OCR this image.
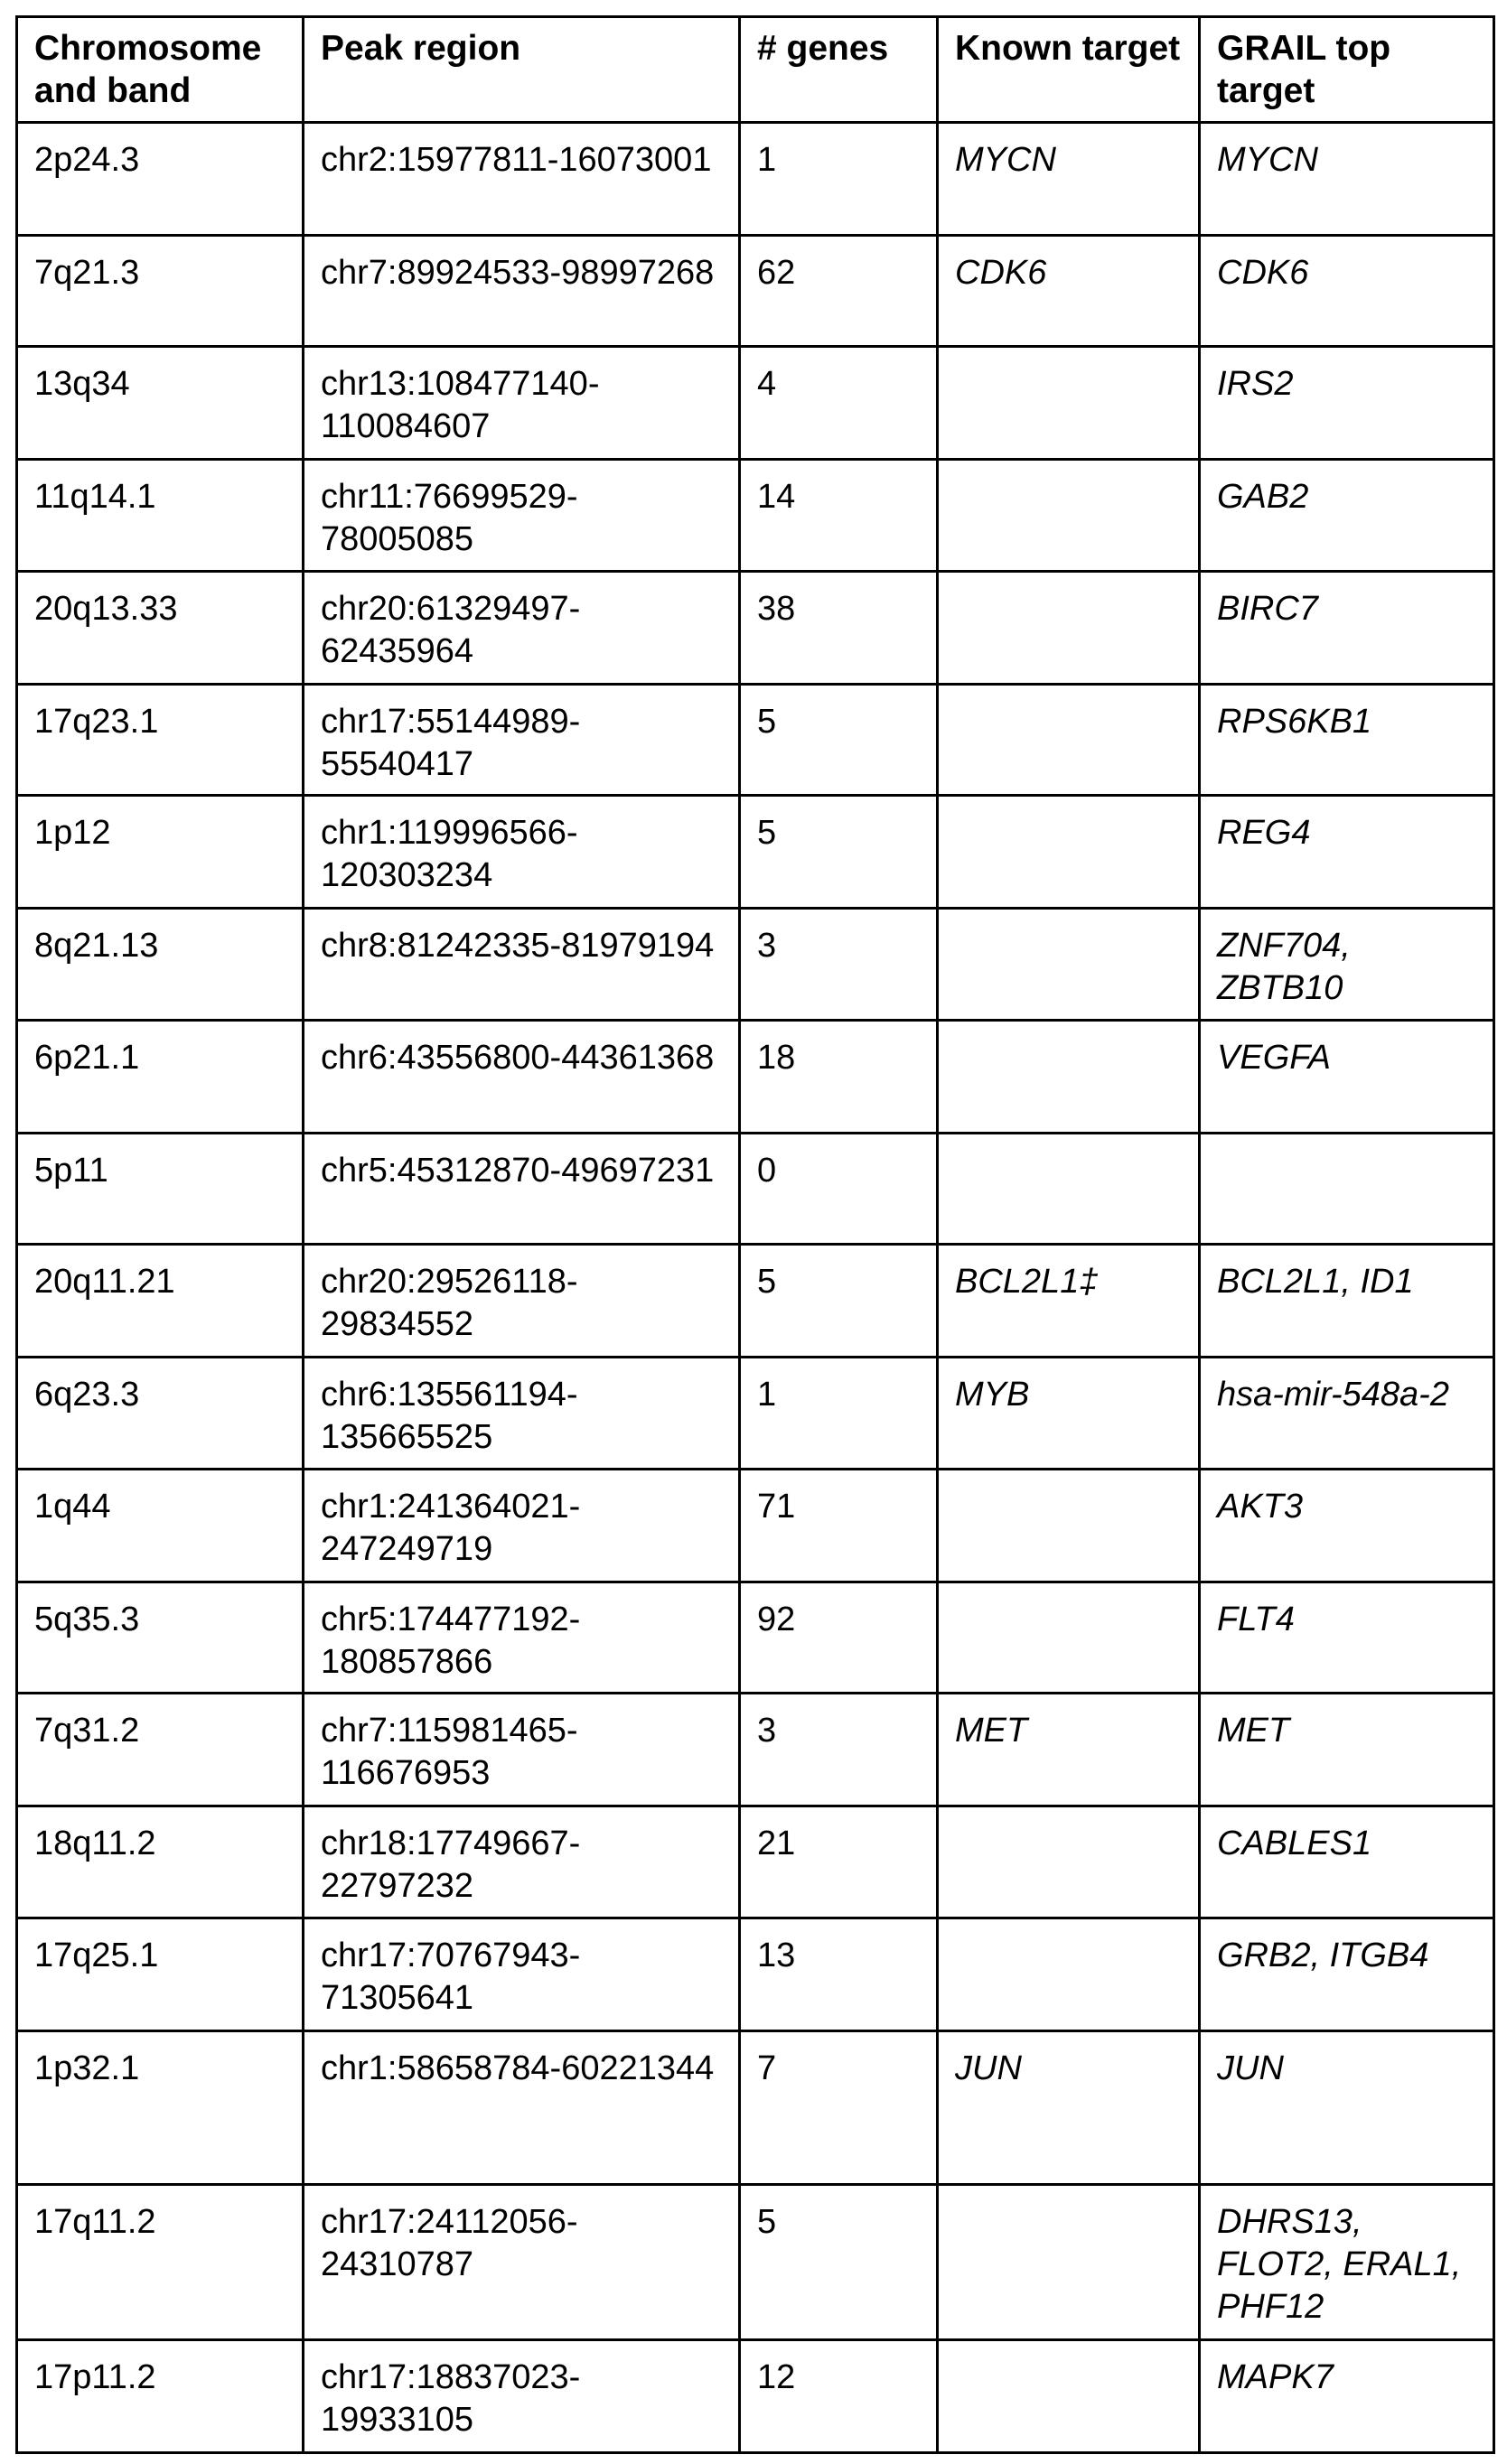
Chromosome and band	Peak region	# genes	Known target	GRAIL top target
2p24.3	chr2:15977811-16073001	1	MYCN	MYCN
7q21.3	chr7:89924533-98997268	62	CDK6	CDK6
13q34	chr13:108477140-110084607	4		IRS2
11q14.1	chr11:76699529-78005085	14		GAB2
20q13.33	chr20:61329497-62435964	38		BIRC7
17q23.1	chr17:55144989-55540417	5		RPS6KB1
1p12	chr1:119996566-120303234	5		REG4
8q21.13	chr8:81242335-81979194	3		ZNF704, ZBTB10
6p21.1	chr6:43556800-44361368	18		VEGFA
5p11	chr5:45312870-49697231	0		
20q11.21	chr20:29526118-29834552	5	BCL2L1‡	BCL2L1, ID1
6q23.3	chr6:135561194-135665525	1	MYB	hsa-mir-548a-2
1q44	chr1:241364021-247249719	71		AKT3
5q35.3	chr5:174477192-180857866	92		FLT4
7q31.2	chr7:115981465-116676953	3	MET	MET
18q11.2	chr18:17749667-22797232	21		CABLES1
17q25.1	chr17:70767943-71305641	13		GRB2, ITGB4
1p32.1	chr1:58658784-60221344	7	JUN	JUN
17q11.2	chr17:24112056-24310787	5		DHRS13, FLOT2, ERAL1, PHF12
17p11.2	chr17:18837023-19933105	12		MAPK7
